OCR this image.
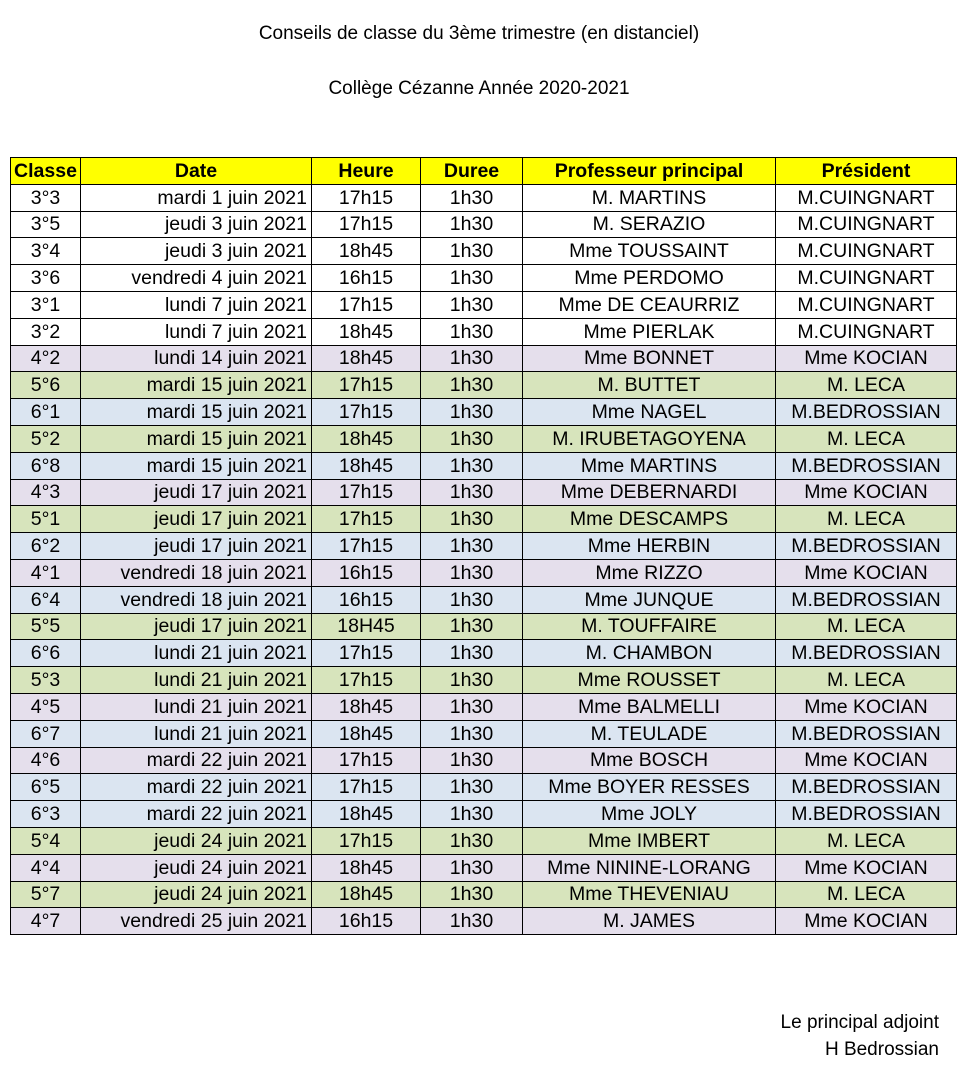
Conseils de classe du 3ème trimestre (en distanciel)
Collège Cézanne Année 2020-2021
Classe	Date	Heure	Duree	Professeur principal	Président
3°3	mardi 1 juin 2021	17h15	1h30	M. MARTINS	M.CUINGNART
3°5	jeudi 3 juin 2021	17h15	1h30	M. SERAZIO	M.CUINGNART
3°4	jeudi 3 juin 2021	18h45	1h30	Mme TOUSSAINT	M.CUINGNART
3°6	vendredi 4 juin 2021	16h15	1h30	Mme PERDOMO	M.CUINGNART
3°1	lundi 7 juin 2021	17h15	1h30	Mme DE CEAURRIZ	M.CUINGNART
3°2	lundi 7 juin 2021	18h45	1h30	Mme PIERLAK	M.CUINGNART
4°2	lundi 14 juin 2021	18h45	1h30	Mme BONNET	Mme KOCIAN
5°6	mardi 15 juin 2021	17h15	1h30	M. BUTTET	M. LECA
6°1	mardi 15 juin 2021	17h15	1h30	Mme NAGEL	M.BEDROSSIAN
5°2	mardi 15 juin 2021	18h45	1h30	M. IRUBETAGOYENA	M. LECA
6°8	mardi 15 juin 2021	18h45	1h30	Mme MARTINS	M.BEDROSSIAN
4°3	jeudi 17 juin 2021	17h15	1h30	Mme DEBERNARDI	Mme KOCIAN
5°1	jeudi 17 juin 2021	17h15	1h30	Mme DESCAMPS	M. LECA
6°2	jeudi 17 juin 2021	17h15	1h30	Mme HERBIN	M.BEDROSSIAN
4°1	vendredi 18 juin 2021	16h15	1h30	Mme RIZZO	Mme KOCIAN
6°4	vendredi 18 juin 2021	16h15	1h30	Mme JUNQUE	M.BEDROSSIAN
5°5	jeudi 17 juin 2021	18H45	1h30	M. TOUFFAIRE	M. LECA
6°6	lundi 21 juin 2021	17h15	1h30	M. CHAMBON	M.BEDROSSIAN
5°3	lundi 21 juin 2021	17h15	1h30	Mme ROUSSET	M. LECA
4°5	lundi 21 juin 2021	18h45	1h30	Mme BALMELLI	Mme KOCIAN
6°7	lundi 21 juin 2021	18h45	1h30	M. TEULADE	M.BEDROSSIAN
4°6	mardi 22 juin 2021	17h15	1h30	Mme BOSCH	Mme KOCIAN
6°5	mardi 22 juin 2021	17h15	1h30	Mme BOYER RESSES	M.BEDROSSIAN
6°3	mardi 22 juin 2021	18h45	1h30	Mme JOLY	M.BEDROSSIAN
5°4	jeudi 24 juin 2021	17h15	1h30	Mme IMBERT	M. LECA
4°4	jeudi 24 juin 2021	18h45	1h30	Mme NININE-LORANG	Mme KOCIAN
5°7	jeudi 24 juin 2021	18h45	1h30	Mme THEVENIAU	M. LECA
4°7	vendredi 25 juin 2021	16h15	1h30	M. JAMES	Mme KOCIAN
Le principal adjoint
H Bedrossian
